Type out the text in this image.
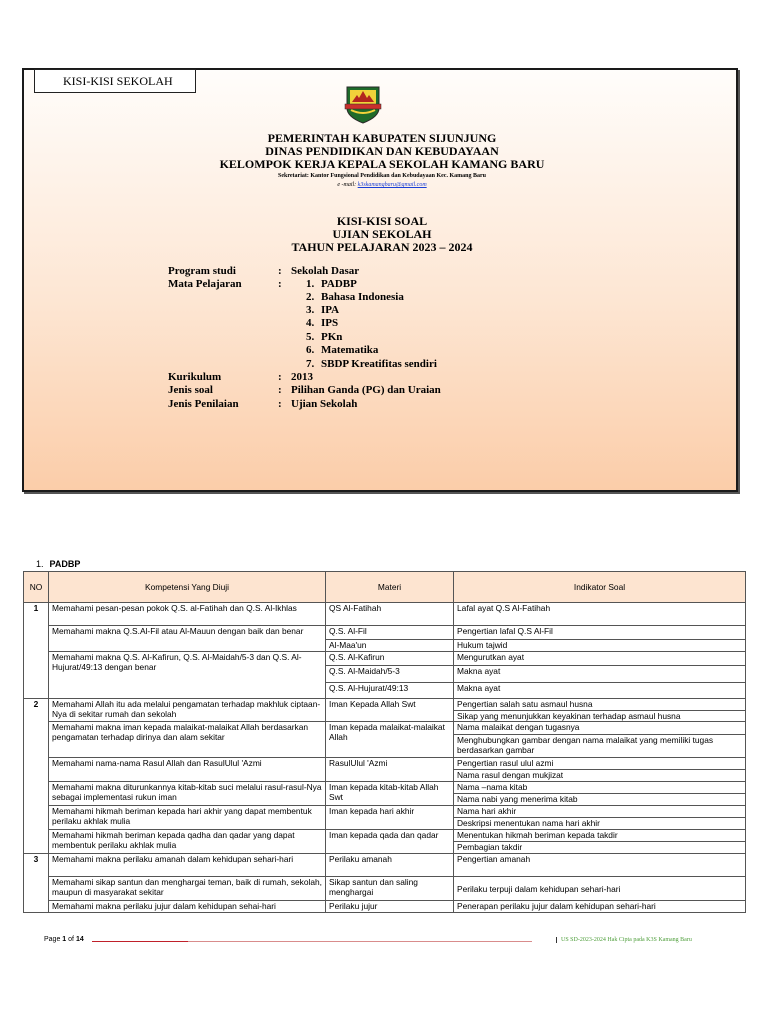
KISI-KISI SEKOLAH
PEMERINTAH KABUPATEN SIJUNJUNG
DINAS PENDIDIKAN DAN KEBUDAYAAN
KELOMPOK KERJA KEPALA SEKOLAH KAMANG BARU
Sekretariat: Kantor Fungsional Pendidikan dan Kebudayaan Kec. Kamang Baru
e -mail: k3skamangbaru@gmail.com
KISI-KISI SOAL
UJIAN SEKOLAH
TAHUN PELAJARAN 2023 – 2024
Program studi	: Sekolah Dasar
Mata Pelajaran	: 1. PADBP
2. Bahasa Indonesia
3. IPA
4. IPS
5. PKn
6. Matematika
7. SBDP Kreatifitas sendiri
Kurikulum	: 2013
Jenis soal	: Pilihan Ganda (PG) dan Uraian
Jenis Penilaian	: Ujian Sekolah
1. PADBP
NO	Kompetensi Yang Diuji	Materi	Indikator Soal
1	Memahami pesan-pesan pokok Q.S. al-Fatihah dan Q.S. Al-Ikhlas	QS Al-Fatihah	Lafal ayat Q.S Al-Fatihah
	Memahami makna Q.S.Al-Fil atau Al-Mauun dengan baik dan benar	Q.S. Al-Fil	Pengertian lafal Q.S Al-Fil
		Al-Maa'un	Hukum tajwid
	Memahami makna Q.S. Al-Kafirun, Q.S. Al-Maidah/5-3 dan Q.S. Al-Hujurat/49:13 dengan benar	Q.S. Al-Kafirun	Mengurutkan ayat
		Q.S. Al-Maidah/5-3	Makna ayat
		Q.S. Al-Hujurat/49:13	Makna ayat
2	Memahami Allah itu ada melalui pengamatan terhadap makhluk ciptaan-Nya di sekitar rumah dan sekolah	Iman Kepada Allah Swt	Pengertian salah satu asmaul husna
			Sikap yang menunjukkan keyakinan terhadap asmaul husna
	Memahami makna iman kepada malaikat-malaikat Allah berdasarkan pengamatan terhadap dirinya dan alam sekitar	Iman kepada malaikat-malaikat Allah	Nama malaikat dengan tugasnya
			Menghubungkan gambar dengan nama malaikat yang memiliki tugas berdasarkan gambar
	Memahami nama-nama Rasul Allah dan RasulUlul 'Azmi	RasulUlul 'Azmi	Pengertian rasul ulul azmi
			Nama rasul dengan mukjizat
	Memahami makna diturunkannya kitab-kitab suci melalui rasul-rasul-Nya sebagai implementasi rukun iman	Iman kepada kitab-kitab Allah Swt	Nama –nama kitab
			Nama nabi yang menerima kitab
	Memahami hikmah beriman kepada hari akhir yang dapat membentuk perilaku akhlak mulia	Iman kepada hari akhir	Nama hari akhir
			Deskripsi menentukan nama hari akhir
	Memahami hikmah beriman kepada qadha dan qadar yang dapat membentuk perilaku akhlak mulia	Iman kepada qada dan qadar	Menentukan hikmah beriman kepada takdir
			Pembagian takdir
3	Memahami makna perilaku amanah dalam kehidupan sehari-hari	Perilaku amanah	Pengertian amanah
	Memahami sikap santun dan menghargai teman, baik di rumah, sekolah, maupun di masyarakat sekitar	Sikap santun dan saling menghargai	Perilaku terpuji dalam kehidupan sehari-hari
	Memahami makna perilaku jujur dalam kehidupan sehai-hari	Perilaku jujur	Penerapan perilaku jujur dalam kehidupan sehari-hari
Page 1 of 14	US SD-2023-2024 Hak Cipta pada K3S Kamang Baru
